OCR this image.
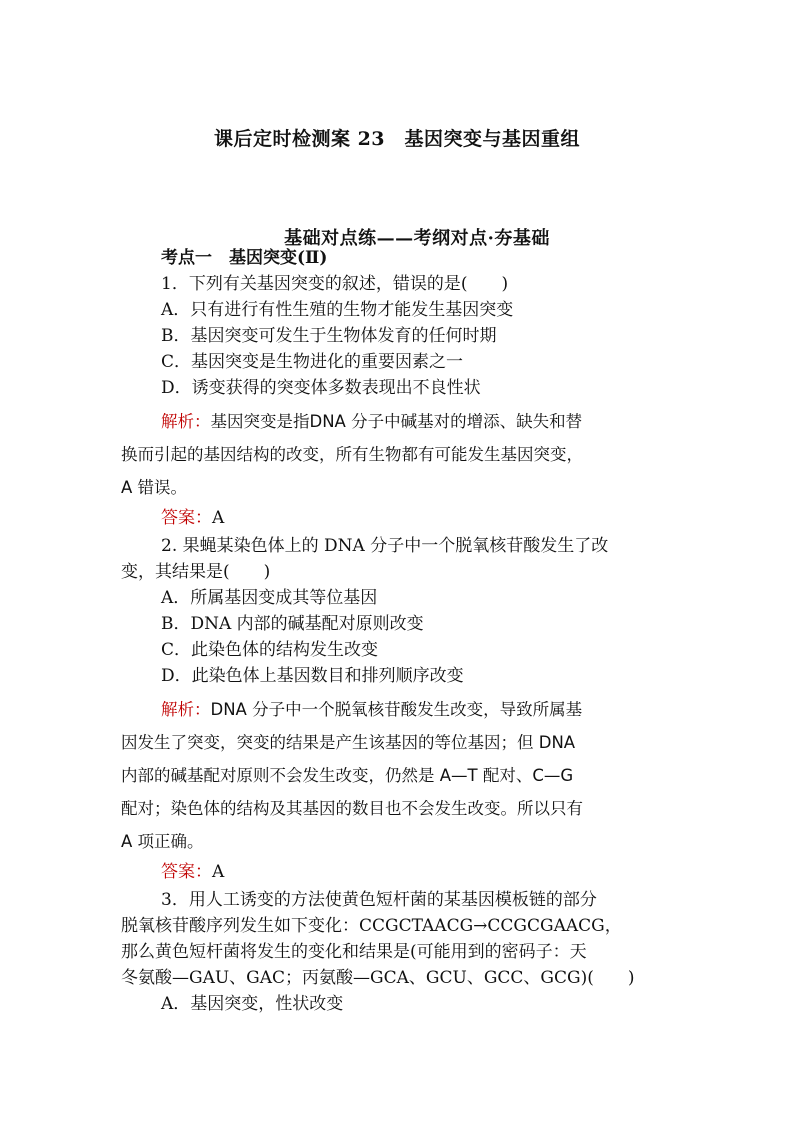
课后定时检测案 23　基因突变与基因重组
基础对点练——考纲对点·夯基础
考点一　基因突变(Ⅱ)
1．下列有关基因突变的叙述，错误的是(　　)
A．只有进行有性生殖的生物才能发生基因突变
B．基因突变可发生于生物体发育的任何时期
C．基因突变是生物进化的重要因素之一
D．诱变获得的突变体多数表现出不良性状
解析：基因突变是指DNA 分子中碱基对的增添、缺失和替
换而引起的基因结构的改变，所有生物都有可能发生基因突变，
A 错误。
答案：A
2. 果蝇某染色体上的 DNA 分子中一个脱氧核苷酸发生了改
变，其结果是(　　)
A．所属基因变成其等位基因
B．DNA 内部的碱基配对原则改变
C．此染色体的结构发生改变
D．此染色体上基因数目和排列顺序改变
解析：DNA 分子中一个脱氧核苷酸发生改变，导致所属基
因发生了突变，突变的结果是产生该基因的等位基因；但 DNA
内部的碱基配对原则不会发生改变，仍然是 A—T 配对、C—G
配对；染色体的结构及其基因的数目也不会发生改变。所以只有
A 项正确。
答案：A
3．用人工诱变的方法使黄色短杆菌的某基因模板链的部分
脱氧核苷酸序列发生如下变化：CCGCTAACG→CCGCGAACG，
那么黄色短杆菌将发生的变化和结果是(可能用到的密码子：天
冬氨酸—GAU、GAC；丙氨酸—GCA、GCU、GCC、GCG)(　　)
A．基因突变，性状改变
